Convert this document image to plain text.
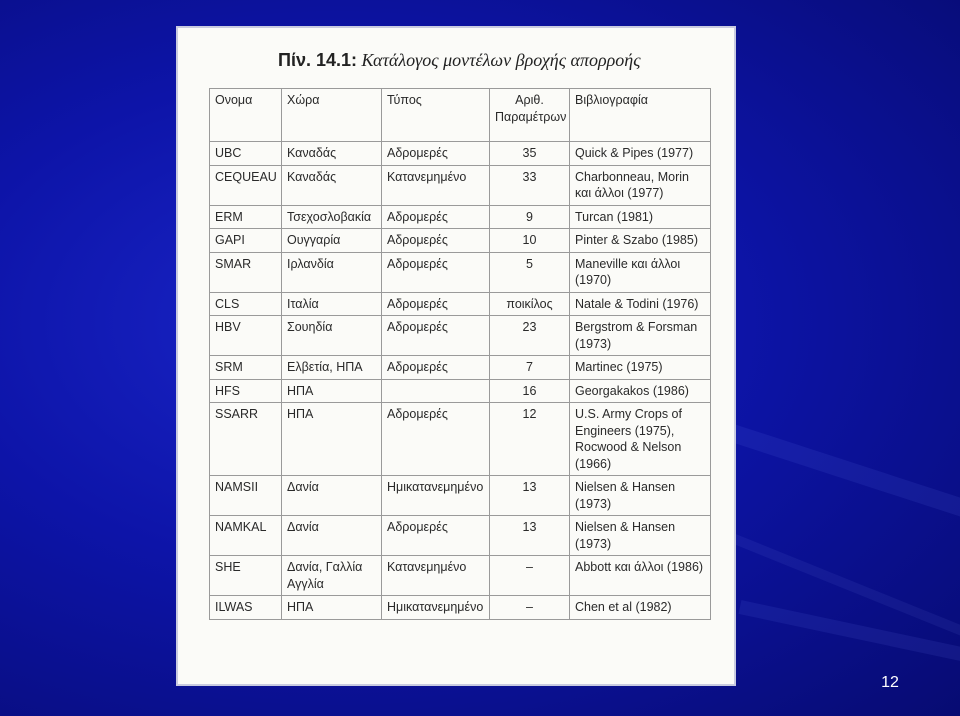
Πίν. 14.1: Κατάλογος μοντέλων βροχής απορροής
Ονομα	Χώρα	Τύπος	Αριθ. Παραμέτρων	Βιβλιογραφία
UBC	Καναδάς	Αδρομερές	35	Quick & Pipes (1977)
CEQUEAU	Καναδάς	Κατανεμημένο	33	Charbonneau, Morin και άλλοι (1977)
ERM	Τσεχοσλοβακία	Αδρομερές	9	Turcan (1981)
GAPI	Ουγγαρία	Αδρομερές	10	Pinter & Szabo (1985)
SMAR	Ιρλανδία	Αδρομερές	5	Maneville και άλλοι (1970)
CLS	Ιταλία	Αδρομερές	ποικίλος	Natale & Todini (1976)
HBV	Σουηδία	Αδρομερές	23	Bergstrom & Forsman (1973)
SRM	Ελβετία, ΗΠΑ	Αδρομερές	7	Martinec (1975)
HFS	ΗΠΑ		16	Georgakakos (1986)
SSARR	ΗΠΑ	Αδρομερές	12	U.S. Army Crops of Engineers (1975), Rocwood & Nelson (1966)
NAMSII	Δανία	Ημικατανεμημένο	13	Nielsen & Hansen (1973)
NAMKAL	Δανία	Αδρομερές	13	Nielsen & Hansen (1973)
SHE	Δανία, Γαλλία Αγγλία	Κατανεμημένο	–	Abbott και άλλοι (1986)
ILWAS	ΗΠΑ	Ημικατανεμημένο	–	Chen et al (1982)
12
